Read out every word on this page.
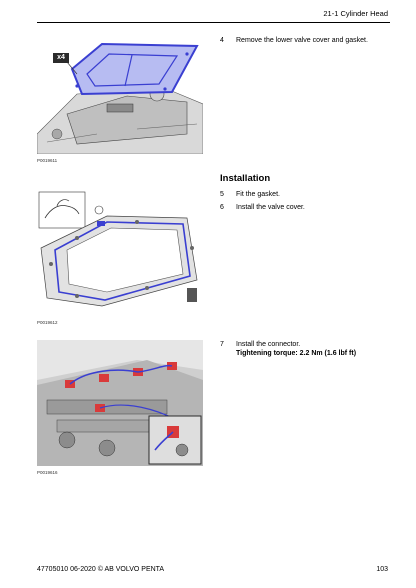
21-1 Cylinder Head
x4
P0019611
P0019612
P0019616
4	Remove the lower valve cover and gasket.
Installation
5	Fit the gasket.
6	Install the valve cover.
7	Install the connector.
Tightening torque: 2.2 Nm (1.6 lbf ft)
47705010 06-2020 © AB VOLVO PENTA	103
